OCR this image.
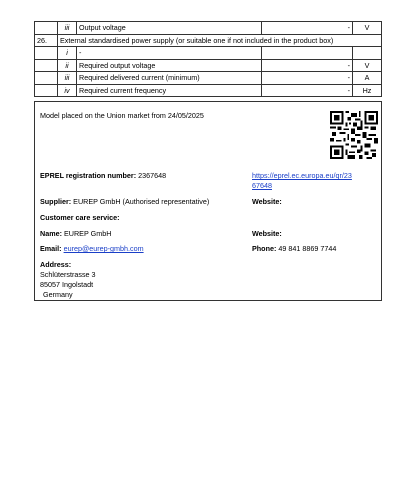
	iii	Output voltage	-	V
26.	External standardised power supply (or suitable one if not included in the product box)			
	i	-		
	ii	Required output voltage	-	V
	iii	Required delivered current (minimum)	-	A
	iv	Required current frequency	-	Hz
Model placed on the Union market from 24/05/2025
EPREL registration number: 2367648	https://eprel.ec.europa.eu/qr/23
67648
Supplier: EUREP GmbH (Authorised representative)	Website:
Customer care service:
Name: EUREP GmbH	Website:
Email: eurep@eurep-gmbh.com	Phone: 49 841 8869 7744
Address:
Schlüterstrasse 3
85057 Ingolstadt
Germany
